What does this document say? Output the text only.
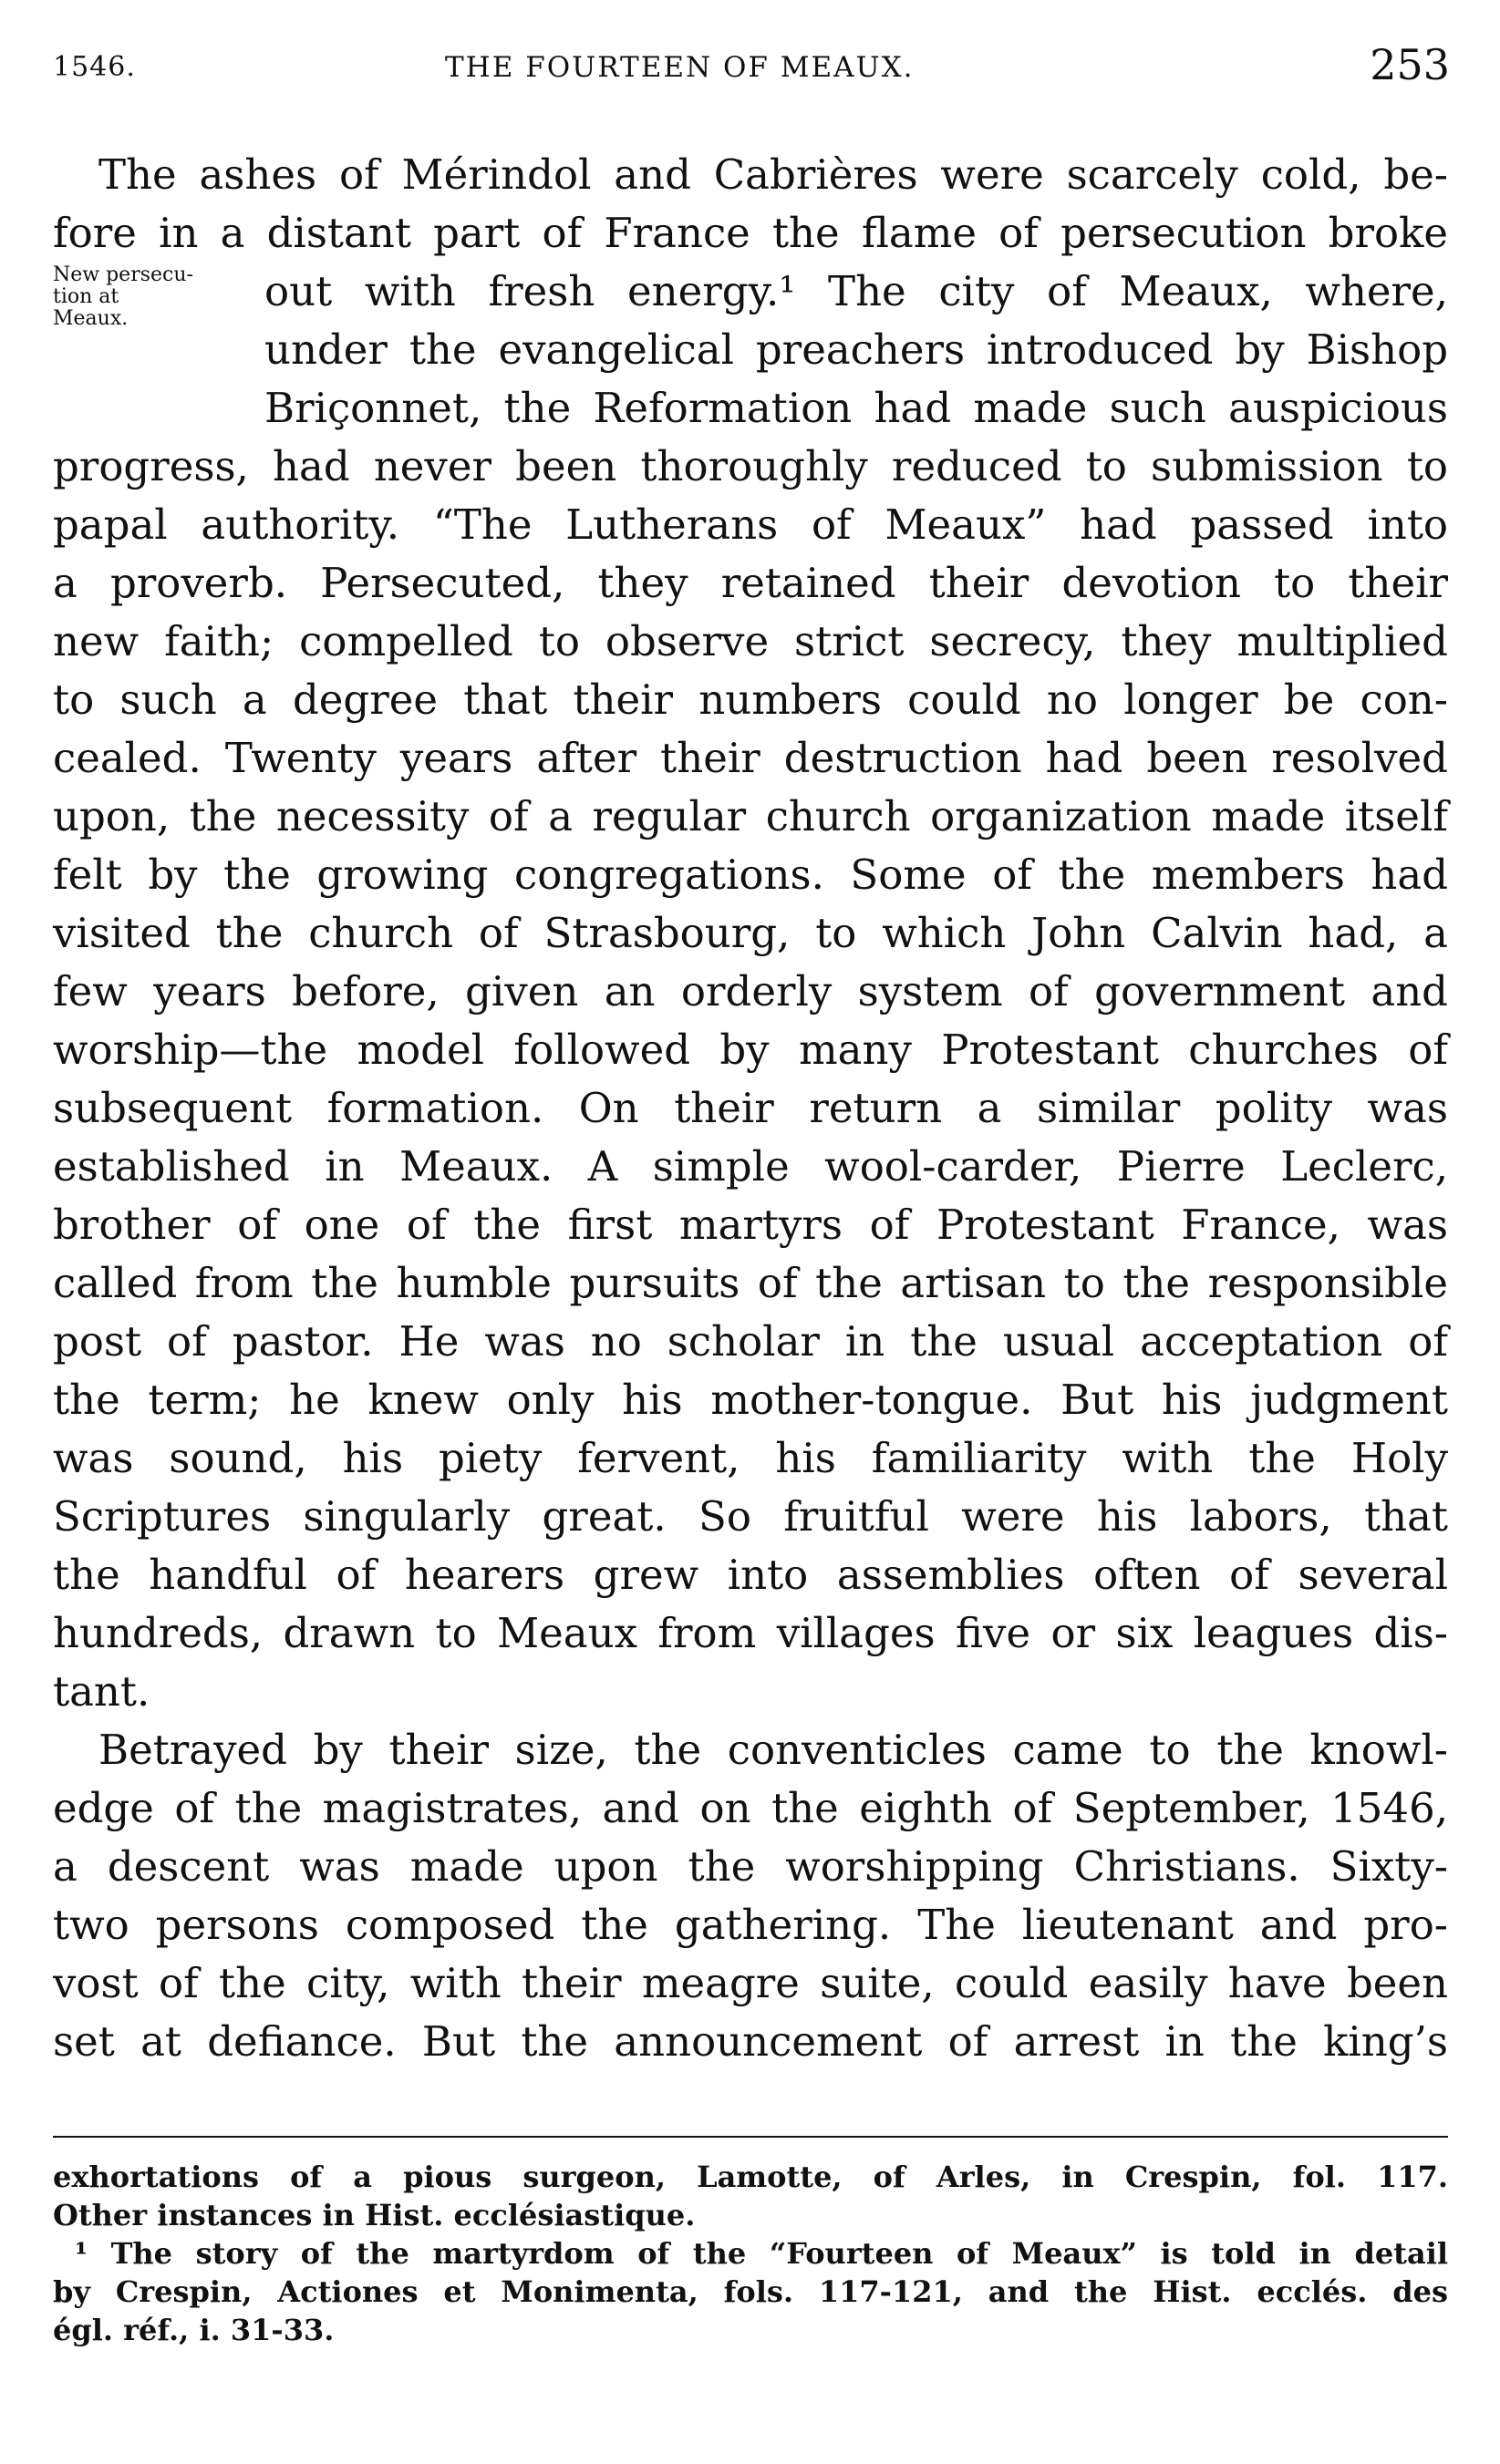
1546.	THE FOURTEEN OF MEAUX.	253
New persecu-
tion at
Meaux.
The ashes of Mérindol and Cabrières were scarcely cold, be-
fore in a distant part of France the flame of persecution broke
out with fresh energy.¹ The city of Meaux, where,
under the evangelical preachers introduced by Bishop
Briçonnet, the Reformation had made such auspicious
progress, had never been thoroughly reduced to submission to
papal authority. “The Lutherans of Meaux” had passed into
a proverb. Persecuted, they retained their devotion to their
new faith; compelled to observe strict secrecy, they multiplied
to such a degree that their numbers could no longer be con-
cealed. Twenty years after their destruction had been resolved
upon, the necessity of a regular church organization made itself
felt by the growing congregations. Some of the members had
visited the church of Strasbourg, to which John Calvin had, a
few years before, given an orderly system of government and
worship—the model followed by many Protestant churches of
subsequent formation. On their return a similar polity was
established in Meaux. A simple wool-carder, Pierre Leclerc,
brother of one of the first martyrs of Protestant France, was
called from the humble pursuits of the artisan to the responsible
post of pastor. He was no scholar in the usual acceptation of
the term; he knew only his mother-tongue. But his judgment
was sound, his piety fervent, his familiarity with the Holy
Scriptures singularly great. So fruitful were his labors, that
the handful of hearers grew into assemblies often of several
hundreds, drawn to Meaux from villages five or six leagues dis-
tant.
Betrayed by their size, the conventicles came to the knowl-
edge of the magistrates, and on the eighth of September, 1546,
a descent was made upon the worshipping Christians. Sixty-
two persons composed the gathering. The lieutenant and pro-
vost of the city, with their meagre suite, could easily have been
set at defiance. But the announcement of arrest in the king’s
exhortations of a pious surgeon, Lamotte, of Arles, in Crespin, fol. 117.
Other instances in Hist. ecclésiastique.
¹ The story of the martyrdom of the “Fourteen of Meaux” is told in detail
by Crespin, Actiones et Monimenta, fols. 117-121, and the Hist. ecclés. des
égl. réf., i. 31-33.
